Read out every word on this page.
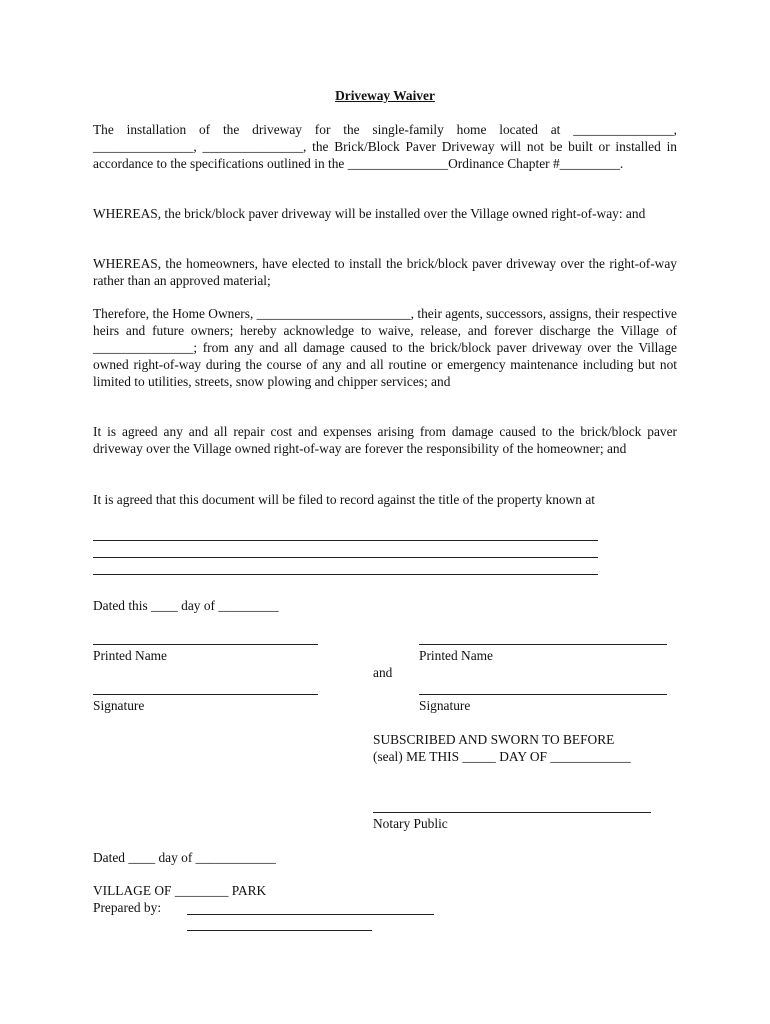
Driveway Waiver

The installation of the driveway for the single-family home located at _______________, _______________, _______________, the Brick/Block Paver Driveway will not be built or installed in accordance to the specifications outlined in the _______________Ordinance Chapter #_________.

WHEREAS, the brick/block paver driveway will be installed over the Village owned right-of-way: and

WHEREAS, the homeowners, have elected to install the brick/block paver driveway over the right-of-way rather than an approved material;

Therefore, the Home Owners, _______________________, their agents, successors, assigns, their respective heirs and future owners; hereby acknowledge to waive, release, and forever discharge the Village of _______________; from any and all damage caused to the brick/block paver driveway over the Village owned right-of-way during the course of any and all routine or emergency maintenance including but not limited to utilities, streets, snow plowing and chipper services; and

It is agreed any and all repair cost and expenses arising from damage caused to the brick/block paver driveway over the Village owned right-of-way are forever the responsibility of the homeowner; and

It is agreed that this document will be filed to record against the title of the property known at

Dated this ____ day of _________
Printed Name	Printed Name
and
Signature	Signature
SUBSCRIBED AND SWORN TO BEFORE
(seal) ME THIS _____ DAY OF ____________
Notary Public
Dated ____ day of ____________
VILLAGE OF ________ PARK
Prepared by:
